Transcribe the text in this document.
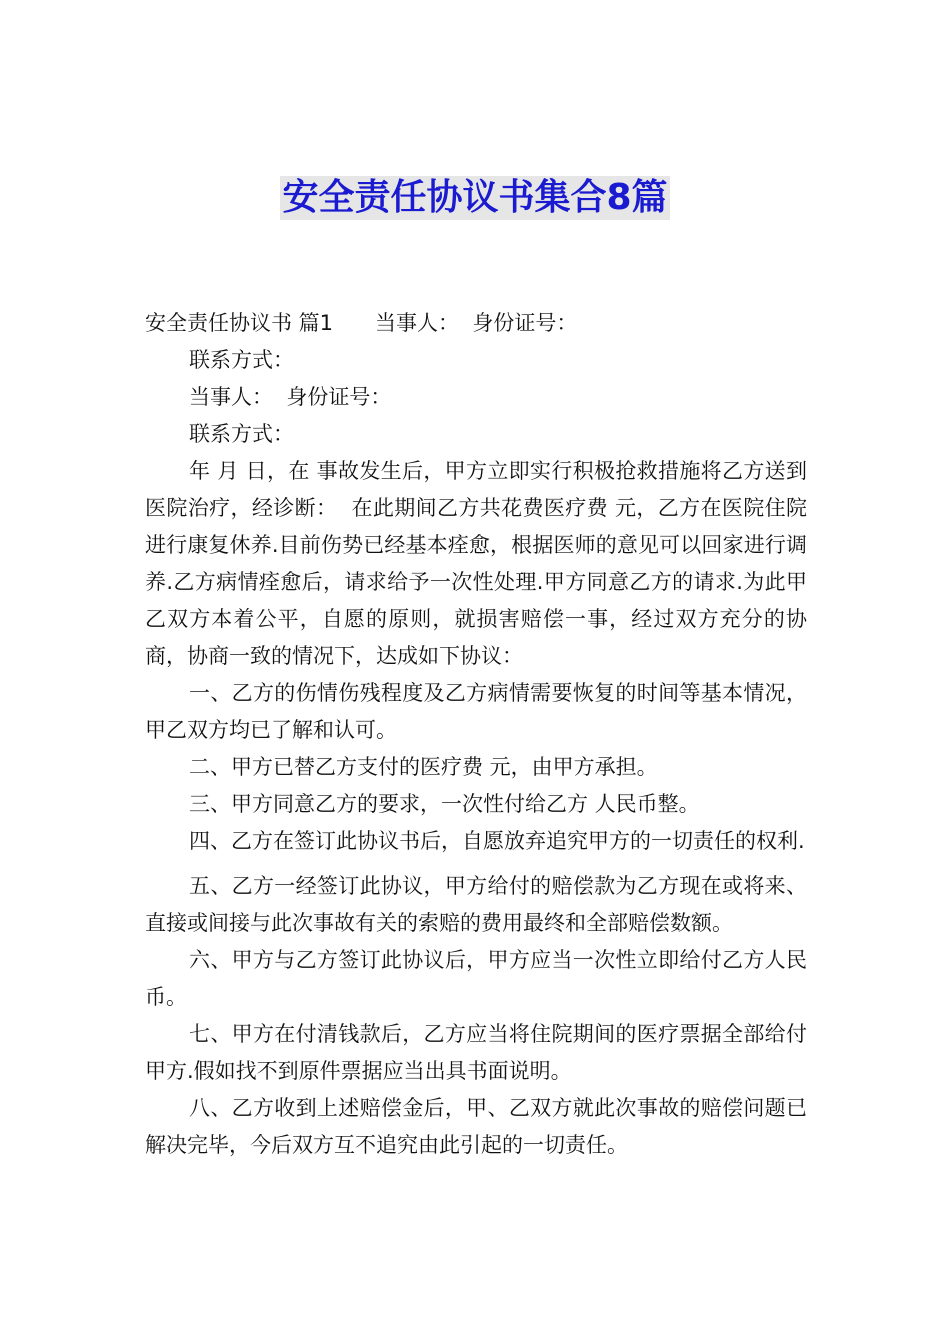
安全责任协议书集合8篇

安全责任协议书 篇1　　当事人：  身份证号：

联系方式：

当事人：  身份证号：

联系方式：

年 月 日，在 事故发生后，甲方立即实行积极抢救措施将乙方送到 医院治疗，经诊断：  在此期间乙方共花费医疗费 元，乙方在医院住院进行康复休养.目前伤势已经基本痊愈，根据医师的意见可以回家进行调养.乙方病情痊愈后，请求给予一次性处理.甲方同意乙方的请求.为此甲乙双方本着公平，自愿的原则，就损害赔偿一事，经过双方充分的协商，协商一致的情况下，达成如下协议：

一、乙方的伤情伤残程度及乙方病情需要恢复的时间等基本情况，甲乙双方均已了解和认可。

二、甲方已替乙方支付的医疗费 元，由甲方承担。

三、甲方同意乙方的要求，一次性付给乙方 人民币整。

四、乙方在签订此协议书后，自愿放弃追究甲方的一切责任的权利.

五、乙方一经签订此协议，甲方给付的赔偿款为乙方现在或将来、直接或间接与此次事故有关的索赔的费用最终和全部赔偿数额。

六、甲方与乙方签订此协议后，甲方应当一次性立即给付乙方人民币。

七、甲方在付清钱款后，乙方应当将住院期间的医疗票据全部给付甲方.假如找不到原件票据应当出具书面说明。

八、乙方收到上述赔偿金后，甲、乙双方就此次事故的赔偿问题已解决完毕，今后双方互不追究由此引起的一切责任。
